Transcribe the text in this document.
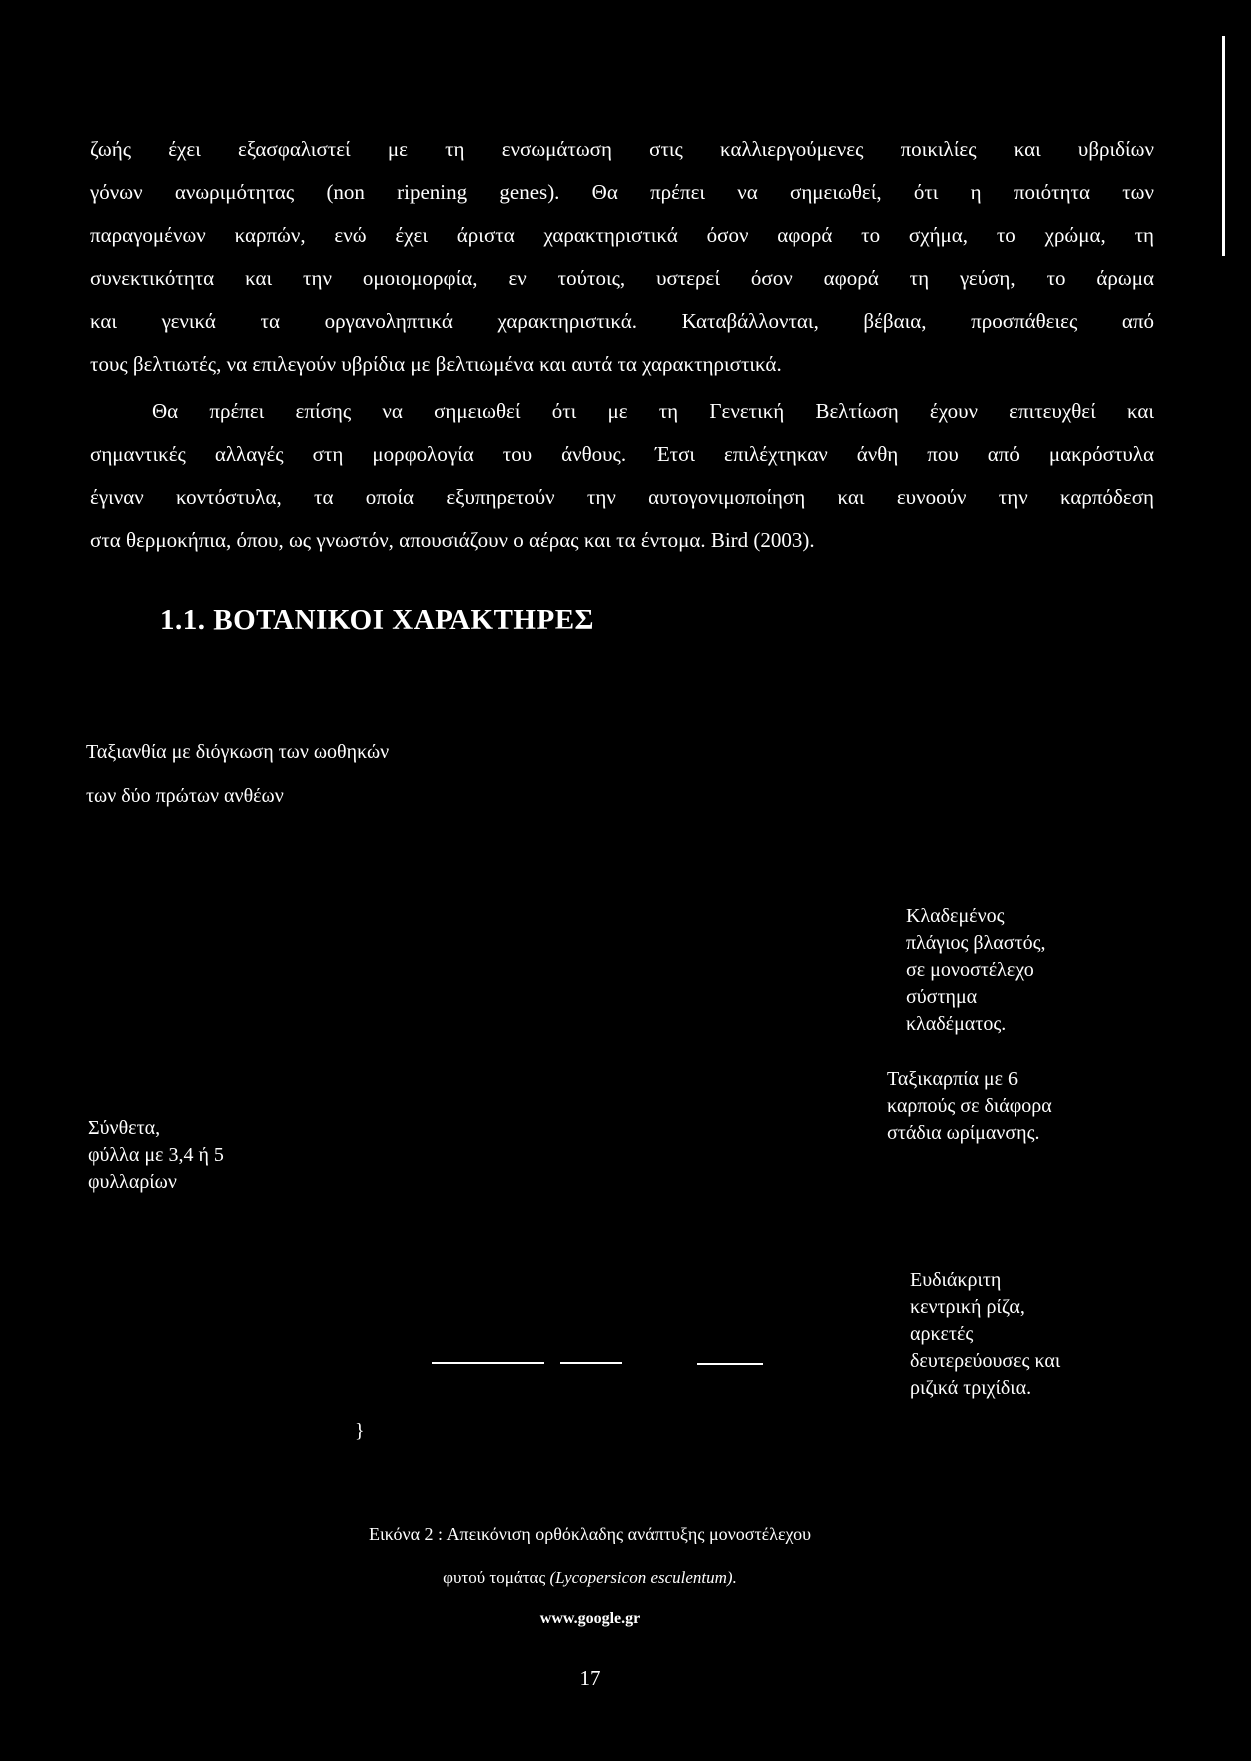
ζωής έχει εξασφαλιστεί με τη ενσωμάτωση στις καλλιεργούμενες ποικιλίες και υβριδίων

γόνων ανωριμότητας (non ripening genes). Θα πρέπει να σημειωθεί, ότι η ποιότητα των

παραγομένων καρπών, ενώ έχει άριστα χαρακτηριστικά όσον αφορά το σχήμα, το χρώμα, τη

συνεκτικότητα και την ομοιομορφία, εν τούτοις, υστερεί όσον αφορά τη γεύση, το άρωμα

και γενικά τα οργανοληπτικά χαρακτηριστικά. Καταβάλλονται, βέβαια, προσπάθειες από

τους βελτιωτές, να επιλεγούν υβρίδια με βελτιωμένα και αυτά τα χαρακτηριστικά.

Θα πρέπει επίσης να σημειωθεί ότι με τη Γενετική Βελτίωση έχουν επιτευχθεί και

σημαντικές αλλαγές στη μορφολογία του άνθους. Έτσι επιλέχτηκαν άνθη που από μακρόστυλα

έγιναν κοντόστυλα, τα οποία εξυπηρετούν την αυτογονιμοποίηση και ευνοούν την καρπόδεση

στα θερμοκήπια, όπου, ως γνωστόν, απουσιάζουν ο αέρας και τα έντομα. Bird (2003).

1.1. ΒΟΤΑΝΙΚΟΙ ΧΑΡΑΚΤΗΡΕΣ
Ταξιανθία με διόγκωση των ωοθηκών
των δύο πρώτων ανθέων
Κλαδεμένος
πλάγιος βλαστός,
σε μονοστέλεχο
σύστημα
κλαδέματος.
Ταξικαρπία με 6
καρπούς σε διάφορα
στάδια ωρίμανσης.
Σύνθετα,
φύλλα με 3,4 ή 5
φυλλαρίων
Ευδιάκριτη
κεντρική ρίζα,
αρκετές
δευτερεύουσες και
ριζικά τριχίδια.
}

Εικόνα 2 : Απεικόνιση ορθόκλαδης ανάπτυξης μονοστέλεχου

φυτού τομάτας (Lycopersicon esculentum).

www.google.gr

17
